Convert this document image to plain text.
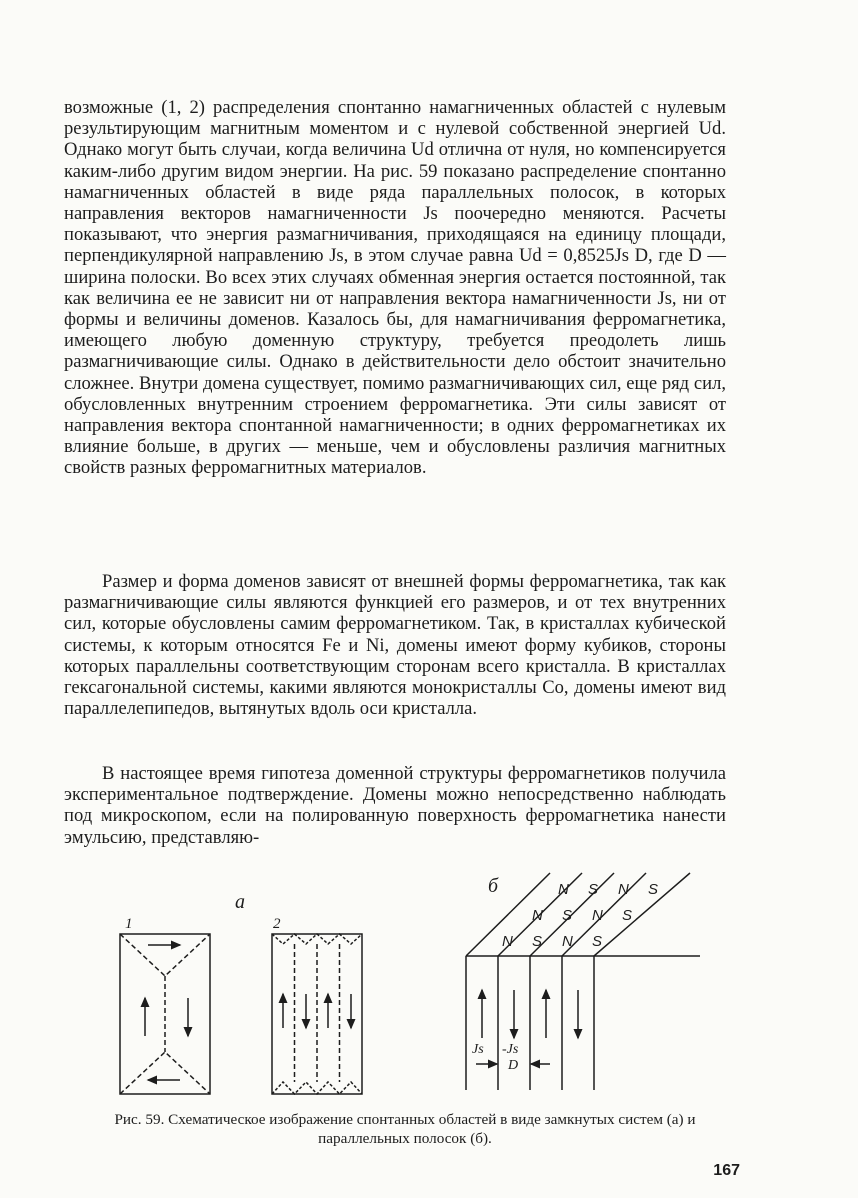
возможные (1, 2) распределения спонтанно намагниченных областей с нулевым результирующим магнитным моментом и с нулевой собственной энергией Ud. Однако могут быть случаи, когда величина Ud отлична от нуля, но компенсируется каким-либо другим видом энергии. На рис. 59 показано распределение спонтанно намагниченных областей в виде ряда параллельных полосок, в которых направления векторов намагниченности Js поочередно меняются. Расчеты показывают, что энергия размагничивания, приходящаяся на единицу площади, перпендикулярной направлению Js, в этом случае равна Ud = 0,8525Js D, где D — ширина полоски. Во всех этих случаях обменная энергия остается постоянной, так как величина ее не зависит ни от направления вектора намагниченности Js, ни от формы и величины доменов. Казалось бы, для намагничивания ферромагнетика, имеющего любую доменную структуру, требуется преодолеть лишь размагничивающие силы. Однако в действительности дело обстоит значительно сложнее. Внутри домена существует, помимо размагничивающих сил, еще ряд сил, обусловленных внутренним строением ферромагнетика. Эти силы зависят от направления вектора спонтанной намагниченности; в одних ферромагнетиках их влияние больше, в других — меньше, чем и обусловлены различия магнитных свойств разных ферромагнитных материалов.

Размер и форма доменов зависят от внешней формы ферромагнетика, так как размагничивающие силы являются функцией его размеров, и от тех внутренних сил, которые обусловлены самим ферромагнетиком. Так, в кристаллах кубической системы, к которым относятся Fe и Ni, домены имеют форму кубиков, стороны которых параллельны соответствующим сторонам всего кристалла. В кристаллах гексагональной системы, какими являются монокристаллы Co, домены имеют вид параллелепипедов, вытянутых вдоль оси кристалла.

В настоящее время гипотеза доменной структуры ферромагнетиков получила экспериментальное подтверждение. Домены можно непосредственно наблюдать под микроскопом, если на полированную поверхность ферромагнетика нанести эмульсию, представляю-

а
1	2
б	N S N S
N S N S
N S N S
Js -Js
D
Рис. 59. Схематическое изображение спонтанных областей в виде замкнутых систем (а) и параллельных полосок (б).
167
